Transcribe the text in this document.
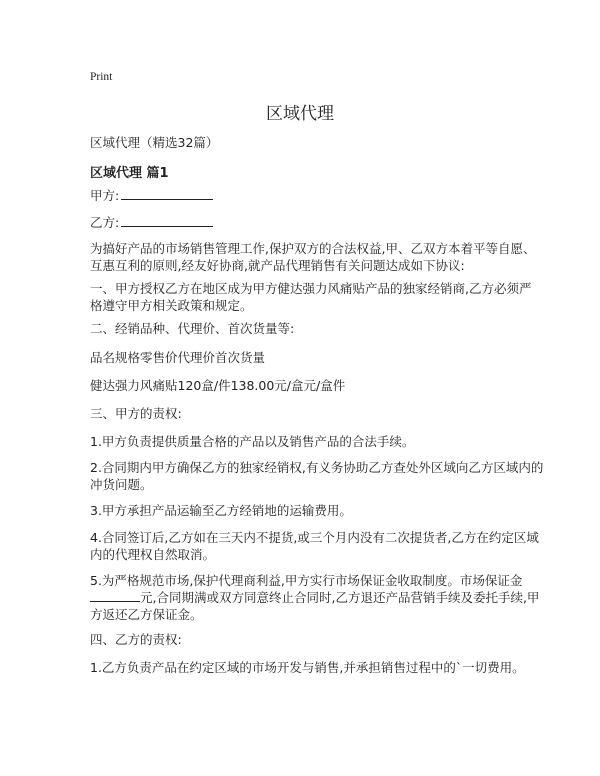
Print
区域代理
区域代理（精选32篇）
区域代理 篇1
甲方:
乙方:
为搞好产品的市场销售管理工作,保护双方的合法权益,甲、乙双方本着平等自愿、
互惠互利的原则,经友好协商,就产品代理销售有关问题达成如下协议:
一、甲方授权乙方在地区成为甲方健达强力风痛贴产品的独家经销商,乙方必须严
格遵守甲方相关政策和规定。
二、经销品种、代理价、首次货量等:
品名规格零售价代理价首次货量
健达强力风痛贴120盒/件138.00元/盒元/盒件
三、甲方的责权:
1.甲方负责提供质量合格的产品以及销售产品的合法手续。
2.合同期内甲方确保乙方的独家经销权,有义务协助乙方查处外区域向乙方区域内的
冲货问题。
3.甲方承担产品运输至乙方经销地的运输费用。
4.合同签订后,乙方如在三天内不提货,或三个月内没有二次提货者,乙方在约定区域
内的代理权自然取消。
5.为严格规范市场,保护代理商利益,甲方实行市场保证金收取制度。市场保证金
元,合同期满或双方同意终止合同时,乙方退还产品营销手续及委托手续,甲
方返还乙方保证金。
四、乙方的责权:
1.乙方负责产品在约定区域的市场开发与销售,并承担销售过程中的`一切费用。
